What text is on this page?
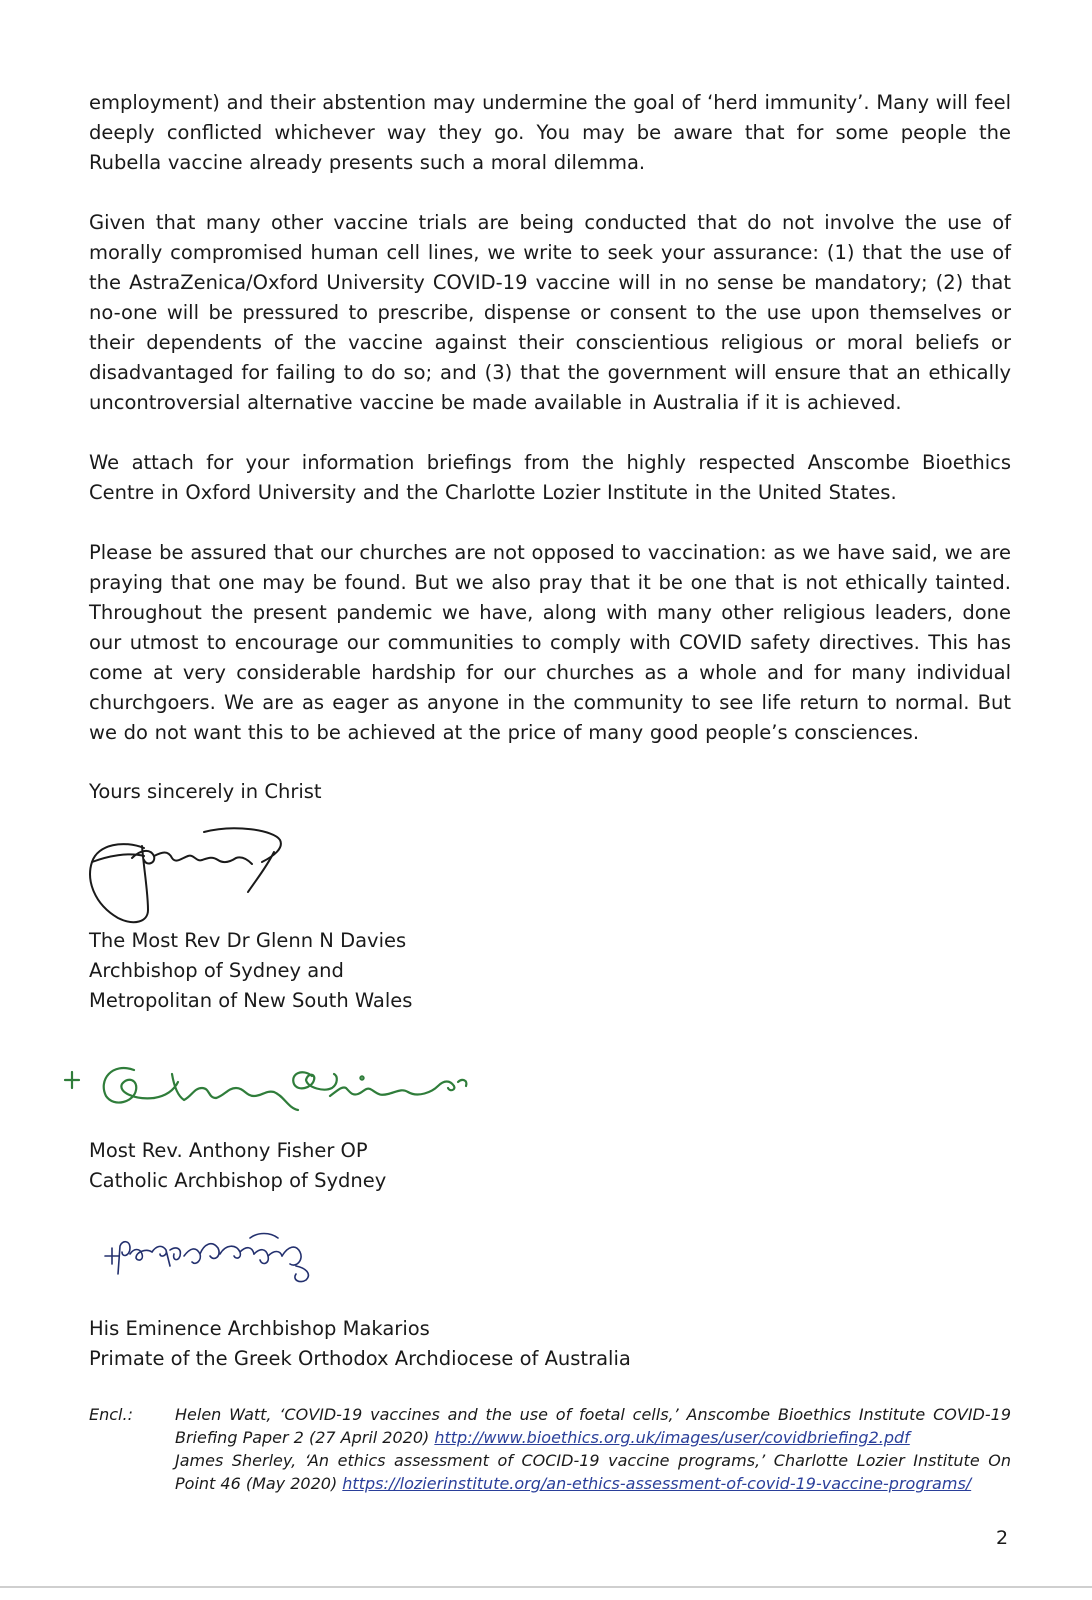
employment) and their abstention may undermine the goal of ‘herd immunity’. Many will feel deeply conflicted whichever way they go. You may be aware that for some people the Rubella vaccine already presents such a moral dilemma.

Given that many other vaccine trials are being conducted that do not involve the use of morally compromised human cell lines, we write to seek your assurance: (1) that the use of the AstraZenica/Oxford University COVID-19 vaccine will in no sense be mandatory; (2) that no-one will be pressured to prescribe, dispense or consent to the use upon themselves or their dependents of the vaccine against their conscientious religious or moral beliefs or disadvantaged for failing to do so; and (3) that the government will ensure that an ethically uncontroversial alternative vaccine be made available in Australia if it is achieved.

We attach for your information briefings from the highly respected Anscombe Bioethics Centre in Oxford University and the Charlotte Lozier Institute in the United States.

Please be assured that our churches are not opposed to vaccination: as we have said, we are praying that one may be found. But we also pray that it be one that is not ethically tainted. Throughout the present pandemic we have, along with many other religious leaders, done our utmost to encourage our communities to comply with COVID safety directives. This has come at very considerable hardship for our churches as a whole and for many individual churchgoers. We are as eager as anyone in the community to see life return to normal. But we do not want this to be achieved at the price of many good people’s consciences.

Yours sincerely in Christ

The Most Rev Dr Glenn N Davies
Archbishop of Sydney and
Metropolitan of New South Wales
Most Rev. Anthony Fisher OP
Catholic Archbishop of Sydney
His Eminence Archbishop Makarios
Primate of the Greek Orthodox Archdiocese of Australia
Encl.:	Helen Watt, ‘COVID-19 vaccines and the use of foetal cells,’ Anscombe Bioethics Institute COVID-19 Briefing Paper 2 (27 April 2020) http://www.bioethics.org.uk/images/user/covidbriefing2.pdf
James Sherley, ‘An ethics assessment of COCID-19 vaccine programs,’ Charlotte Lozier Institute On Point 46 (May 2020) https://lozierinstitute.org/an-ethics-assessment-of-covid-19-vaccine-programs/
2
